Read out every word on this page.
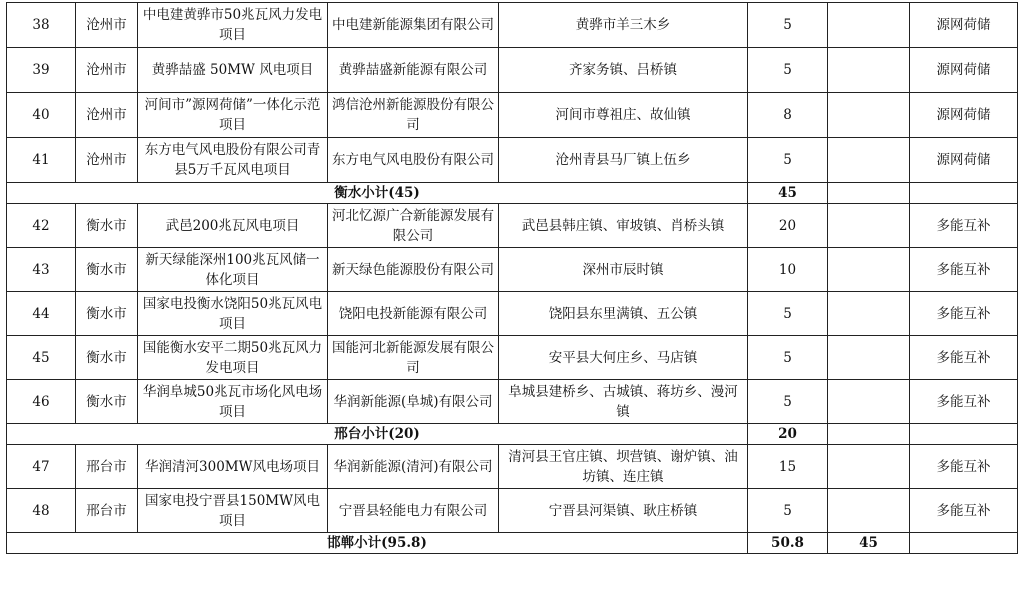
38	沧州市	中电建黄骅市50兆瓦风力发电项目	中电建新能源集团有限公司	黄骅市羊三木乡	5		源网荷储
39	沧州市	黄骅喆盛 50MW 风电项目	黄骅喆盛新能源有限公司	齐家务镇、吕桥镇	5		源网荷储
40	沧州市	河间市”源网荷储”一体化示范项目	鸿信沧州新能源股份有限公司	河间市尊祖庄、故仙镇	8		源网荷储
41	沧州市	东方电气风电股份有限公司青县5万千瓦风电项目	东方电气风电股份有限公司	沧州青县马厂镇上伍乡	5		源网荷储
衡水小计(45)					45		
42	衡水市	武邑200兆瓦风电项目	河北忆源广合新能源发展有限公司	武邑县韩庄镇、审坡镇、肖桥头镇	20		多能互补
43	衡水市	新天绿能深州100兆瓦风储一体化项目	新天绿色能源股份有限公司	深州市辰时镇	10		多能互补
44	衡水市	国家电投衡水饶阳50兆瓦风电项目	饶阳电投新能源有限公司	饶阳县东里满镇、五公镇	5		多能互补
45	衡水市	国能衡水安平二期50兆瓦风力发电项目	国能河北新能源发展有限公司	安平县大何庄乡、马店镇	5		多能互补
46	衡水市	华润阜城50兆瓦市场化风电场项目	华润新能源(阜城)有限公司	阜城县建桥乡、古城镇、蒋坊乡、漫河镇	5		多能互补
邢台小计(20)					20		
47	邢台市	华润清河300MW风电场项目	华润新能源(清河)有限公司	清河县王官庄镇、坝营镇、谢炉镇、油坊镇、连庄镇	15		多能互补
48	邢台市	国家电投宁晋县150MW风电项目	宁晋县轻能电力有限公司	宁晋县河渠镇、耿庄桥镇	5		多能互补
邯郸小计(95.8)					50.8	45	
